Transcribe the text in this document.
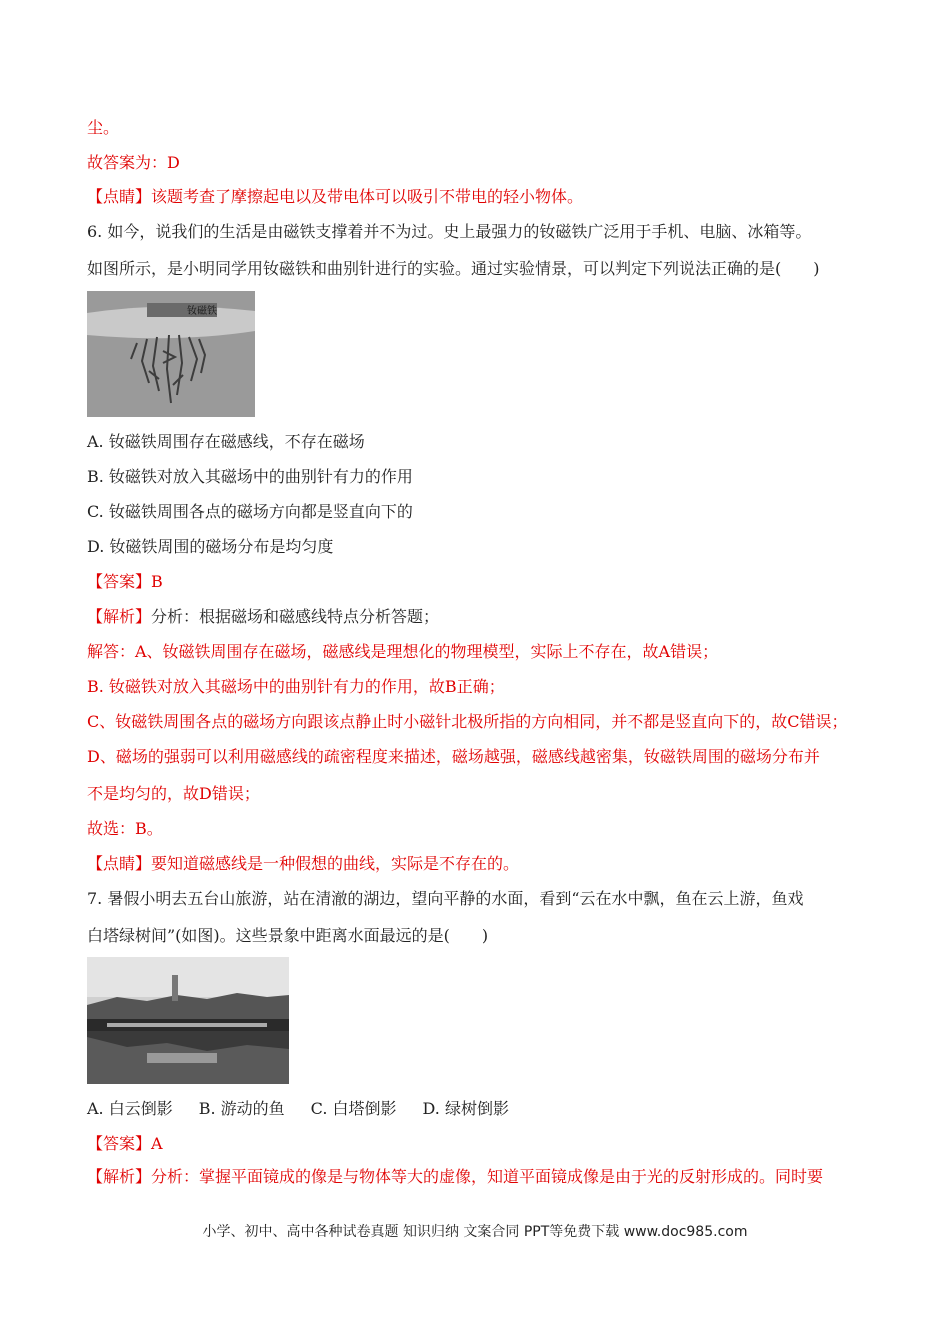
尘。
故答案为：D
【点睛】该题考查了摩擦起电以及带电体可以吸引不带电的轻小物体。
6. 如今，说我们的生活是由磁铁支撑着并不为过。史上最强力的钕磁铁广泛用于手机、电脑、冰箱等。
如图所示，是小明同学用钕磁铁和曲别针进行的实验。通过实验情景，可以判定下列说法正确的是(　　)
钕磁铁
A. 钕磁铁周围存在磁感线，不存在磁场
B. 钕磁铁对放入其磁场中的曲别针有力的作用
C. 钕磁铁周围各点的磁场方向都是竖直向下的
D. 钕磁铁周围的磁场分布是均匀度
【答案】B
【解析】分析：根据磁场和磁感线特点分析答题；
解答：A、钕磁铁周围存在磁场，磁感线是理想化的物理模型，实际上不存在，故A错误；
B. 钕磁铁对放入其磁场中的曲别针有力的作用，故B正确；
C、钕磁铁周围各点的磁场方向跟该点静止时小磁针北极所指的方向相同，并不都是竖直向下的，故C错误；
D、磁场的强弱可以利用磁感线的疏密程度来描述，磁场越强，磁感线越密集，钕磁铁周围的磁场分布并
不是均匀的，故D错误；
故选：B。
【点睛】要知道磁感线是一种假想的曲线，实际是不存在的。
7. 暑假小明去五台山旅游，站在清澈的湖边，望向平静的水面，看到“云在水中飘，鱼在云上游，鱼戏
白塔绿树间”(如图)。这些景象中距离水面最远的是(　　)
A. 白云倒影 B. 游动的鱼 C. 白塔倒影 D. 绿树倒影
【答案】A
【解析】分析：掌握平面镜成的像是与物体等大的虚像，知道平面镜成像是由于光的反射形成的。同时要
小学、初中、高中各种试卷真题 知识归纳 文案合同 PPT等免费下载 www.doc985.com
